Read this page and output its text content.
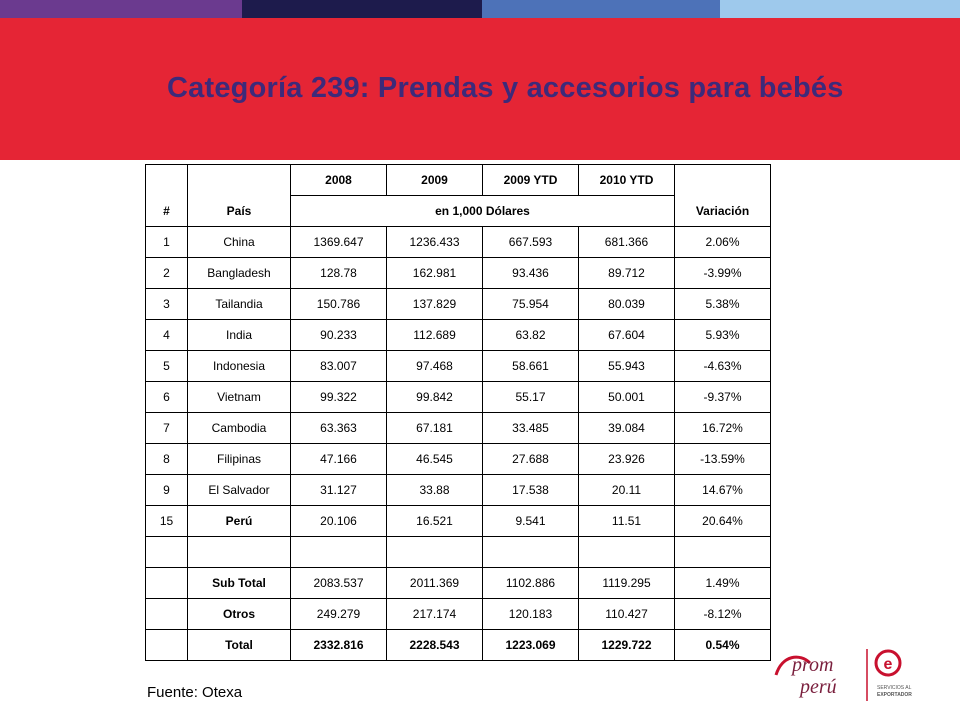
Categoría 239: Prendas y accesorios para bebés
#	País	2008	2009	2009 YTD	2010 YTD	Variación
		en 1,000 Dólares				
1	China	1369.647	1236.433	667.593	681.366	2.06%
2	Bangladesh	128.78	162.981	93.436	89.712	-3.99%
3	Tailandia	150.786	137.829	75.954	80.039	5.38%
4	India	90.233	112.689	63.82	67.604	5.93%
5	Indonesia	83.007	97.468	58.661	55.943	-4.63%
6	Vietnam	99.322	99.842	55.17	50.001	-9.37%
7	Cambodia	63.363	67.181	33.485	39.084	16.72%
8	Filipinas	47.166	46.545	27.688	23.926	-13.59%
9	El Salvador	31.127	33.88	17.538	20.11	14.67%
15	Perú	20.106	16.521	9.541	11.51	20.64%

	Sub Total	2083.537	2011.369	1102.886	1119.295	1.49%
	Otros	249.279	217.174	120.183	110.427	-8.12%
	Total	2332.816	2228.543	1223.069	1229.722	0.54%
Fuente: Otexa
prom
perú
e
SERVICIOS AL
EXPORTADOR
